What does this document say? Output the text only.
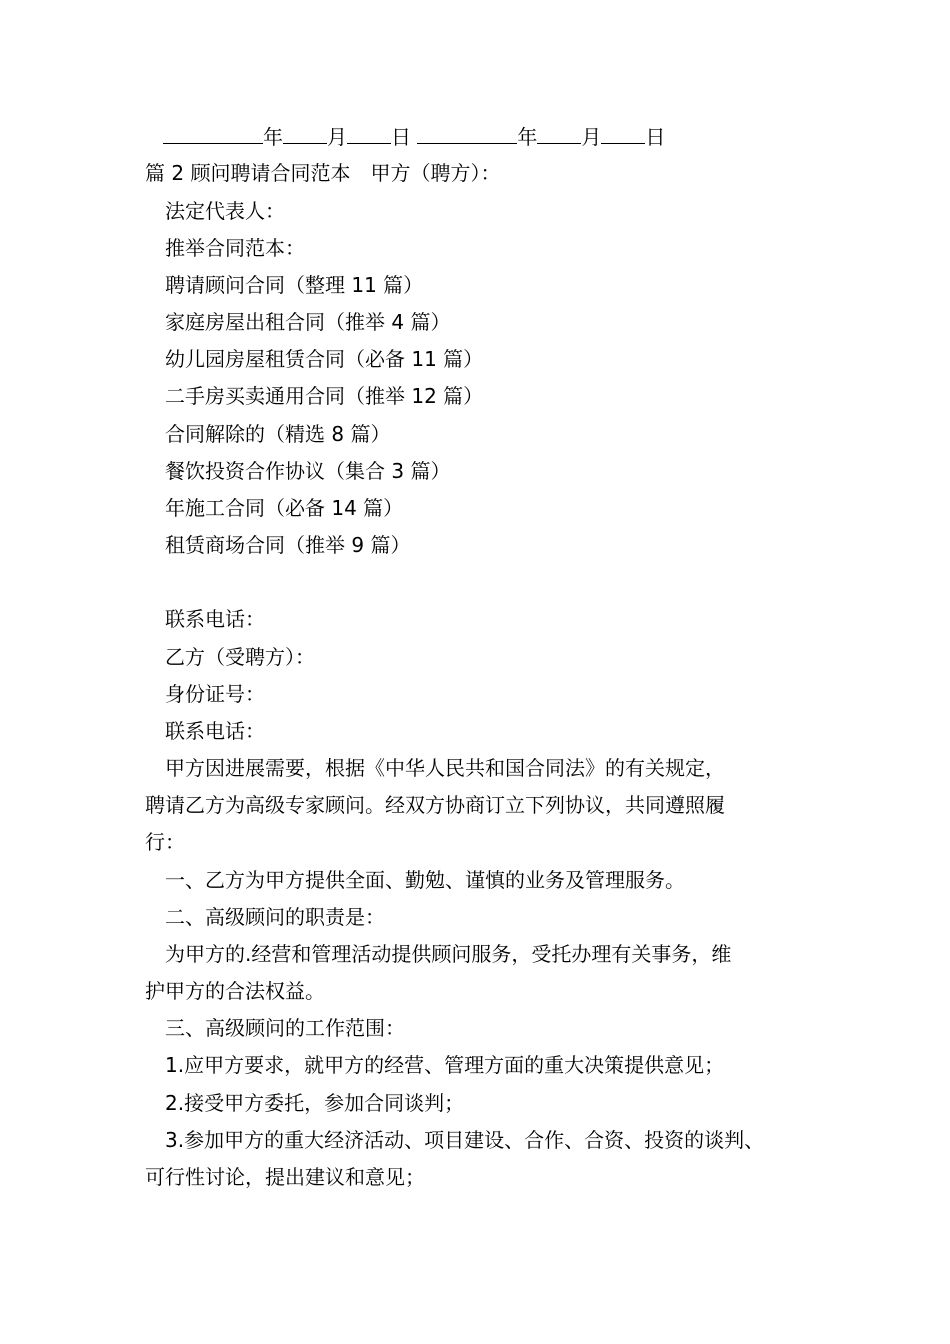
年 月 日	年 月 日
篇 2 顾问聘请合同范本　甲方（聘方）：
法定代表人：
推举合同范本：
聘请顾问合同（整理 11 篇）
家庭房屋出租合同（推举 4 篇）
幼儿园房屋租赁合同（必备 11 篇）
二手房买卖通用合同（推举 12 篇）
合同解除的（精选 8 篇）
餐饮投资合作协议（集合 3 篇）
年施工合同（必备 14 篇）
租赁商场合同（推举 9 篇）
联系电话：
乙方（受聘方）：
身份证号：
联系电话：
甲方因进展需要，根据《中华人民共和国合同法》的有关规定，
聘请乙方为高级专家顾问。经双方协商订立下列协议，共同遵照履
行：
一、乙方为甲方提供全面、勤勉、谨慎的业务及管理服务。
二、高级顾问的职责是：
为甲方的.经营和管理活动提供顾问服务，受托办理有关事务，维
护甲方的合法权益。
三、高级顾问的工作范围：
1.应甲方要求，就甲方的经营、管理方面的重大决策提供意见；
2.接受甲方委托，参加合同谈判；
3.参加甲方的重大经济活动、项目建设、合作、合资、投资的谈判、
可行性讨论，提出建议和意见；
